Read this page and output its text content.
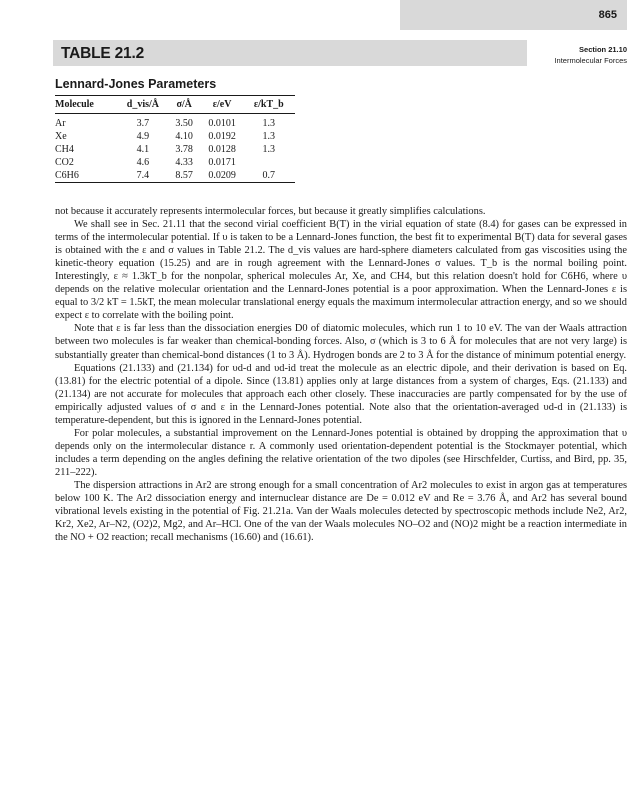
865
TABLE 21.2	Section 21.10
Intermolecular Forces
Lennard-Jones Parameters
Molecule	d_vis/Å	σ/Å	ε/eV	ε/kT_b
Ar	3.7	3.50	0.0101	1.3
Xe	4.9	4.10	0.0192	1.3
CH4	4.1	3.78	0.0128	1.3
CO2	4.6	4.33	0.0171	
C6H6	7.4	8.57	0.0209	0.7

not because it accurately represents intermolecular forces, but because it greatly simplifies calculations.

We shall see in Sec. 21.11 that the second virial coefficient B(T) in the virial equation of state (8.4) for gases can be expressed in terms of the intermolecular potential. If υ is taken to be a Lennard-Jones function, the best fit to experimental B(T) data for several gases is obtained with the ε and σ values in Table 21.2. The d_vis values are hard-sphere diameters calculated from gas viscosities using the kinetic-theory equation (15.25) and are in rough agreement with the Lennard-Jones σ values. T_b is the normal boiling point. Interestingly, ε ≈ 1.3kT_b for the nonpolar, spherical molecules Ar, Xe, and CH4, but this relation doesn't hold for C6H6, where υ depends on the relative molecular orientation and the Lennard-Jones potential is a poor approximation. When the Lennard-Jones ε is equal to 3/2 kT = 1.5kT, the mean molecular translational energy equals the maximum intermolecular attraction energy, and so we should expect ε to correlate with the boiling point.

Note that ε is far less than the dissociation energies D0 of diatomic molecules, which run 1 to 10 eV. The van der Waals attraction between two molecules is far weaker than chemical-bonding forces. Also, σ (which is 3 to 6 Å for molecules that are not very large) is substantially greater than chemical-bond distances (1 to 3 Å). Hydrogen bonds are 2 to 3 Å for the distance of minimum potential energy.

Equations (21.133) and (21.134) for υd-d and υd-id treat the molecule as an electric dipole, and their derivation is based on Eq. (13.81) for the electric potential of a dipole. Since (13.81) applies only at large distances from a system of charges, Eqs. (21.133) and (21.134) are not accurate for molecules that approach each other closely. These inaccuracies are partly compensated for by the use of empirically adjusted values of σ and ε in the Lennard-Jones potential. Note also that the orientation-averaged υd-d in (21.133) is temperature-dependent, but this is ignored in the Lennard-Jones potential.

For polar molecules, a substantial improvement on the Lennard-Jones potential is obtained by dropping the approximation that υ depends only on the intermolecular distance r. A commonly used orientation-dependent potential is the Stockmayer potential, which includes a term depending on the angles defining the relative orientation of the two dipoles (see Hirschfelder, Curtiss, and Bird, pp. 35, 211–222).

The dispersion attractions in Ar2 are strong enough for a small concentration of Ar2 molecules to exist in argon gas at temperatures below 100 K. The Ar2 dissociation energy and internuclear distance are De = 0.012 eV and Re = 3.76 Å, and Ar2 has several bound vibrational levels existing in the potential of Fig. 21.21a. Van der Waals molecules detected by spectroscopic methods include Ne2, Ar2, Kr2, Xe2, Ar–N2, (O2)2, Mg2, and Ar–HCl. One of the van der Waals molecules NO–O2 and (NO)2 might be a reaction intermediate in the NO + O2 reaction; recall mechanisms (16.60) and (16.61).
